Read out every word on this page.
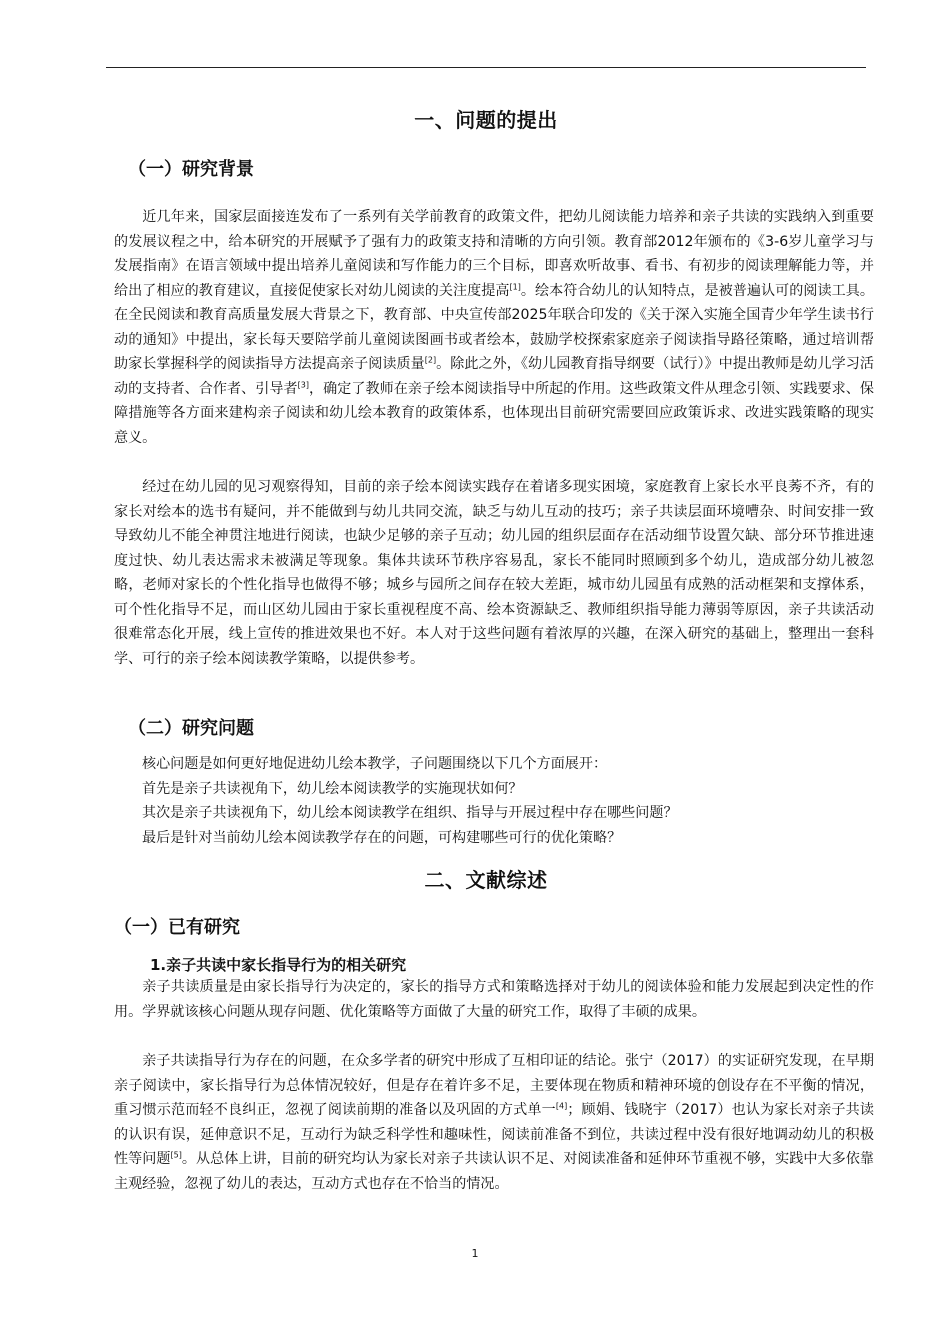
一、问题的提出
（一）研究背景

近几年来，国家层面接连发布了一系列有关学前教育的政策文件，把幼儿阅读能力培养和亲子共读的实践纳入到重要的发展议程之中，给本研究的开展赋予了强有力的政策支持和清晰的方向引领。教育部2012年颁布的《3-6岁儿童学习与发展指南》在语言领域中提出培养儿童阅读和写作能力的三个目标，即喜欢听故事、看书、有初步的阅读理解能力等，并给出了相应的教育建议，直接促使家长对幼儿阅读的关注度提高[1]。绘本符合幼儿的认知特点，是被普遍认可的阅读工具。在全民阅读和教育高质量发展大背景之下，教育部、中央宣传部2025年联合印发的《关于深入实施全国青少年学生读书行动的通知》中提出，家长每天要陪学前儿童阅读图画书或者绘本，鼓励学校探索家庭亲子阅读指导路径策略，通过培训帮助家长掌握科学的阅读指导方法提高亲子阅读质量[2]。除此之外，《幼儿园教育指导纲要（试行）》中提出教师是幼儿学习活动的支持者、合作者、引导者[3]，确定了教师在亲子绘本阅读指导中所起的作用。这些政策文件从理念引领、实践要求、保障措施等各方面来建构亲子阅读和幼儿绘本教育的政策体系，也体现出目前研究需要回应政策诉求、改进实践策略的现实意义。

经过在幼儿园的见习观察得知，目前的亲子绘本阅读实践存在着诸多现实困境，家庭教育上家长水平良莠不齐，有的家长对绘本的选书有疑问，并不能做到与幼儿共同交流，缺乏与幼儿互动的技巧；亲子共读层面环境嘈杂、时间安排一致导致幼儿不能全神贯注地进行阅读，也缺少足够的亲子互动；幼儿园的组织层面存在活动细节设置欠缺、部分环节推进速度过快、幼儿表达需求未被满足等现象。集体共读环节秩序容易乱，家长不能同时照顾到多个幼儿，造成部分幼儿被忽略，老师对家长的个性化指导也做得不够；城乡与园所之间存在较大差距，城市幼儿园虽有成熟的活动框架和支撑体系，可个性化指导不足，而山区幼儿园由于家长重视程度不高、绘本资源缺乏、教师组织指导能力薄弱等原因，亲子共读活动很难常态化开展，线上宣传的推进效果也不好。本人对于这些问题有着浓厚的兴趣，在深入研究的基础上，整理出一套科学、可行的亲子绘本阅读教学策略，以提供参考。

（二）研究问题

核心问题是如何更好地促进幼儿绘本教学，子问题围绕以下几个方面展开：

首先是亲子共读视角下，幼儿绘本阅读教学的实施现状如何？

其次是亲子共读视角下，幼儿绘本阅读教学在组织、指导与开展过程中存在哪些问题？

最后是针对当前幼儿绘本阅读教学存在的问题，可构建哪些可行的优化策略？

二、文献综述
（一）已有研究
1.亲子共读中家长指导行为的相关研究

亲子共读质量是由家长指导行为决定的，家长的指导方式和策略选择对于幼儿的阅读体验和能力发展起到决定性的作用。学界就该核心问题从现存问题、优化策略等方面做了大量的研究工作，取得了丰硕的成果。

亲子共读指导行为存在的问题，在众多学者的研究中形成了互相印证的结论。张宁（2017）的实证研究发现，在早期亲子阅读中，家长指导行为总体情况较好，但是存在着许多不足，主要体现在物质和精神环境的创设存在不平衡的情况，重习惯示范而轻不良纠正，忽视了阅读前期的准备以及巩固的方式单一[4]；顾娟、钱晓宇（2017）也认为家长对亲子共读的认识有误，延伸意识不足，互动行为缺乏科学性和趣味性，阅读前准备不到位，共读过程中没有很好地调动幼儿的积极性等问题[5]。从总体上讲，目前的研究均认为家长对亲子共读认识不足、对阅读准备和延伸环节重视不够，实践中大多依靠主观经验，忽视了幼儿的表达，互动方式也存在不恰当的情况。

1
